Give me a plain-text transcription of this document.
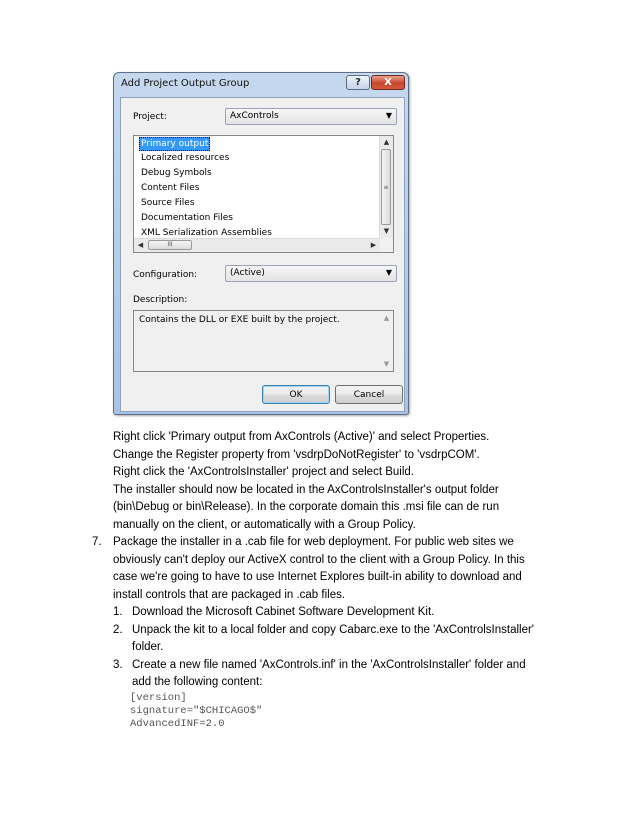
Add Project Output Group	? X
Project:	AxControls	▼
Primary output
Localized resources
Debug Symbols
Content Files
Source Files
Documentation Files
XML Serialization Assemblies
▲
≡
▼
◀	III	▶
Configuration:	(Active)	▼
Description:
Contains the DLL or EXE built by the project.	▲
▼
OK	Cancel
Right click 'Primary output from AxControls (Active)' and select Properties.
Change the Register property from 'vsdrpDoNotRegister' to 'vsdrpCOM'.
Right click the 'AxControlsInstaller' project and select Build.
The installer should now be located in the AxControlsInstaller's output folder
(bin\Debug or bin\Release). In the corporate domain this .msi file can de run
manually on the client, or automatically with a Group Policy.
7. Package the installer in a .cab file for web deployment. For public web sites we
obviously can't deploy our ActiveX control to the client with a Group Policy. In this
case we're going to have to use Internet Explores built-in ability to download and
install controls that are packaged in .cab files.
1. Download the Microsoft Cabinet Software Development Kit.
2. Unpack the kit to a local folder and copy Cabarc.exe to the 'AxControlsInstaller'
folder.
3. Create a new file named 'AxControls.inf' in the 'AxControlsInstaller' folder and
add the following content:
[version]
signature="$CHICAGO$"
AdvancedINF=2.0
